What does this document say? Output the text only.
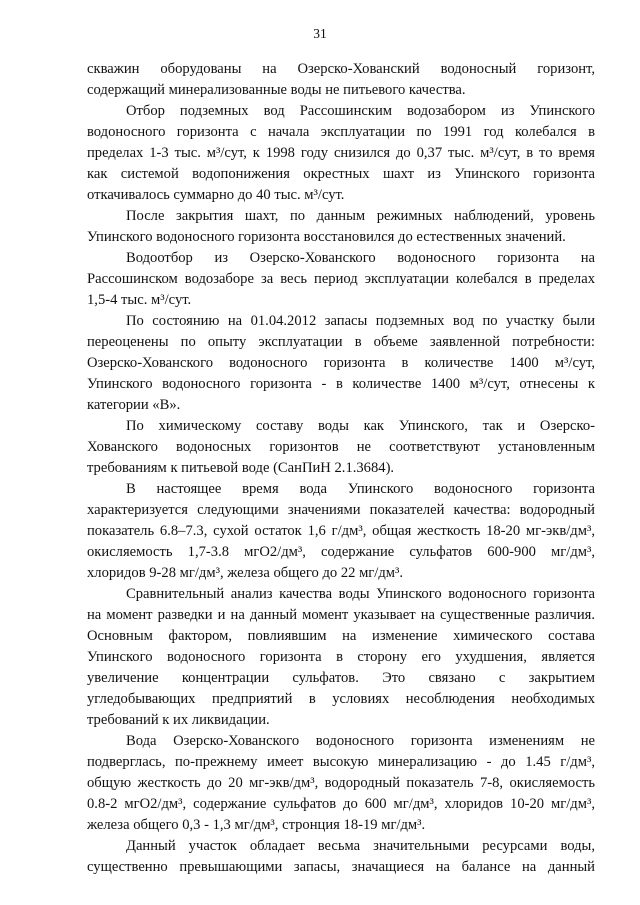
31
скважин оборудованы на Озерско-Хованский водоносный горизонт,
содержащий минерализованные воды не питьевого качества.
Отбор подземных вод Рассошинским водозабором из Упинского
водоносного горизонта с начала эксплуатации по 1991 год колебался в
пределах 1-3 тыс. м³/сут, к 1998 году снизился до 0,37 тыс. м³/сут, в то время
как системой водопонижения окрестных шахт из Упинского горизонта
откачивалось суммарно до 40 тыс. м³/сут.
После закрытия шахт, по данным режимных наблюдений, уровень
Упинского водоносного горизонта восстановился до естественных значений.
Водоотбор из Озерско-Хованского водоносного горизонта на
Рассошинском водозаборе за весь период эксплуатации колебался в пределах
1,5-4 тыс. м³/сут.
По состоянию на 01.04.2012 запасы подземных вод по участку были
переоценены по опыту эксплуатации в объеме заявленной потребности:
Озерско-Хованского водоносного горизонта в количестве 1400 м³/сут,
Упинского водоносного горизонта - в количестве 1400 м³/сут, отнесены к
категории «В».
По химическому составу воды как Упинского, так и Озерско-
Хованского водоносных горизонтов не соответствуют установленным
требованиям к питьевой воде (СанПиН 2.1.3684).
В настоящее время вода Упинского водоносного горизонта
характеризуется следующими значениями показателей качества: водородный
показатель 6.8–7.3, сухой остаток 1,6 г/дм³, общая жесткость 18-20 мг-экв/дм³,
окисляемость 1,7-3.8 мгО2/дм³, содержание сульфатов 600-900 мг/дм³,
хлоридов 9-28 мг/дм³, железа общего до 22 мг/дм³.
Сравнительный анализ качества воды Упинского водоносного горизонта
на момент разведки и на данный момент указывает на существенные различия.
Основным фактором, повлиявшим на изменение химического состава
Упинского водоносного горизонта в сторону его ухудшения, является
увеличение концентрации сульфатов. Это связано с закрытием
угледобывающих предприятий в условиях несоблюдения необходимых
требований к их ликвидации.
Вода Озерско-Хованского водоносного горизонта изменениям не
подверглась, по-прежнему имеет высокую минерализацию - до 1.45 г/дм³,
общую жесткость до 20 мг-экв/дм³, водородный показатель 7-8, окисляемость
0.8-2 мгО2/дм³, содержание сульфатов до 600 мг/дм³, хлоридов 10-20 мг/дм³,
железа общего 0,3 - 1,3 мг/дм³, стронция 18-19 мг/дм³.
Данный участок обладает весьма значительными ресурсами воды,
существенно превышающими запасы, значащиеся на балансе на данный
